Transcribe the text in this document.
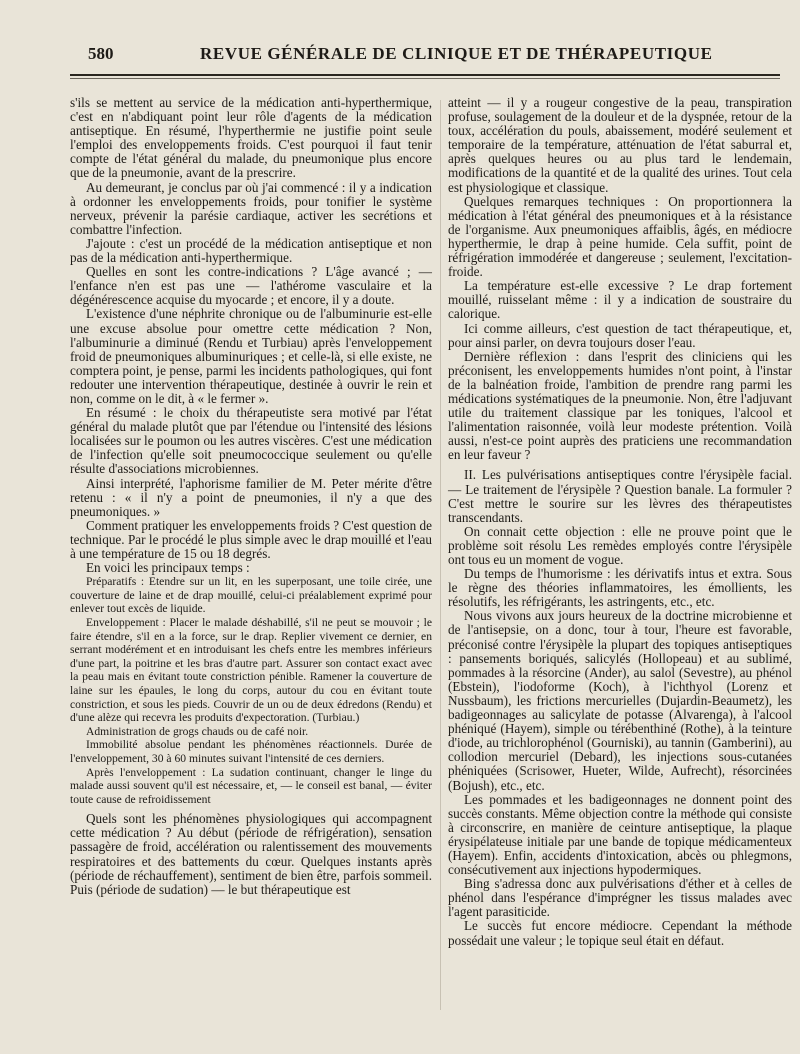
580	REVUE GÉNÉRALE DE CLINIQUE ET DE THÉRAPEUTIQUE

s'ils se mettent au service de la médication anti-hyperthermique, c'est en n'abdiquant point leur rôle d'agents de la médication antiseptique. En résumé, l'hyperthermie ne justifie point seule l'emploi des enveloppements froids. C'est pourquoi il faut tenir compte de l'état général du malade, du pneumonique plus encore que de la pneumonie, avant de la prescrire.

Au demeurant, je conclus par où j'ai commencé : il y a indication à ordonner les enveloppements froids, pour tonifier le système nerveux, prévenir la parésie cardiaque, activer les secrétions et combattre l'infection.

J'ajoute : c'est un procédé de la médication antiseptique et non pas de la médication anti-hyperthermique.

Quelles en sont les contre-indications ? L'âge avancé ; — l'enfance n'en est pas une — l'athérome vasculaire et la dégénérescence acquise du myocarde ; et encore, il y a doute.

L'existence d'une néphrite chronique ou de l'albuminurie est-elle une excuse absolue pour omettre cette médication ? Non, l'albuminurie a diminué (Rendu et Turbiau) après l'enveloppement froid de pneumoniques albuminuriques ; et celle-là, si elle existe, ne comptera point, je pense, parmi les incidents pathologiques, qui font redouter une intervention thérapeutique, destinée à ouvrir le rein et non, comme on le dit, à « le fermer ».

En résumé : le choix du thérapeutiste sera motivé par l'état général du malade plutôt que par l'étendue ou l'intensité des lésions localisées sur le poumon ou les autres viscères. C'est une médication de l'infection qu'elle soit pneumococcique seulement ou qu'elle résulte d'associations microbiennes.

Ainsi interprété, l'aphorisme familier de M. Peter mérite d'être retenu : « il n'y a point de pneumonies, il n'y a que des pneumoniques. »

Comment pratiquer les enveloppements froids ? C'est question de technique. Par le procédé le plus simple avec le drap mouillé et l'eau à une température de 15 ou 18 degrés.

En voici les principaux temps :

Préparatifs : Etendre sur un lit, en les superposant, une toile cirée, une couverture de laine et de drap mouillé, celui-ci préalablement exprimé pour enlever tout excès de liquide.

Enveloppement : Placer le malade déshabillé, s'il ne peut se mouvoir ; le faire étendre, s'il en a la force, sur le drap. Replier vivement ce dernier, en serrant modérément et en introduisant les chefs entre les membres inférieurs d'une part, la poitrine et les bras d'autre part. Assurer son contact exact avec la peau mais en évitant toute constriction pénible. Ramener la couverture de laine sur les épaules, le long du corps, autour du cou en évitant toute constriction, et sous les pieds. Couvrir de un ou de deux édredons (Rendu) et d'une alèze qui recevra les produits d'expectoration. (Turbiau.)

Administration de grogs chauds ou de café noir.

Immobilité absolue pendant les phénomènes réactionnels. Durée de l'enveloppement, 30 à 60 minutes suivant l'intensité de ces derniers.

Après l'enveloppement : La sudation continuant, changer le linge du malade aussi souvent qu'il est nécessaire, et, — le conseil est banal, — éviter toute cause de refroidissement

Quels sont les phénomènes physiologiques qui accompagnent cette médication ? Au début (période de réfrigération), sensation passagère de froid, accélération ou ralentissement des mouvements respiratoires et des battements du cœur. Quelques instants après (période de réchauffement), sentiment de bien être, parfois sommeil. Puis (période de sudation) — le but thérapeutique est

atteint — il y a rougeur congestive de la peau, transpiration profuse, soulagement de la douleur et de la dyspnée, retour de la toux, accélération du pouls, abaissement, modéré seulement et temporaire de la température, atténuation de l'état saburral et, après quelques heures ou au plus tard le lendemain, modifications de la quantité et de la qualité des urines. Tout cela est physiologique et classique.

Quelques remarques techniques : On proportionnera la médication à l'état général des pneumoniques et à la résistance de l'organisme. Aux pneumoniques affaiblis, âgés, en médiocre hyperthermie, le drap à peine humide. Cela suffit, point de réfrigération immodérée et dangereuse ; seulement, l'excitation-froide.

La température est-elle excessive ? Le drap fortement mouillé, ruisselant même : il y a indication de soustraire du calorique.

Ici comme ailleurs, c'est question de tact thérapeutique, et, pour ainsi parler, on devra toujours doser l'eau.

Dernière réflexion : dans l'esprit des cliniciens qui les préconisent, les enveloppements humides n'ont point, à l'instar de la balnéation froide, l'ambition de prendre rang parmi les médications systématiques de la pneumonie. Non, être l'adjuvant utile du traitement classique par les toniques, l'alcool et l'alimentation raisonnée, voilà leur modeste prétention. Voilà aussi, n'est-ce point auprès des praticiens une recommandation en leur faveur ?

II. Les pulvérisations antiseptiques contre l'érysipèle facial. — Le traitement de l'érysipèle ? Question banale. La formuler ? C'est mettre le sourire sur les lèvres des thérapeutistes transcendants.

On connait cette objection : elle ne prouve point que le problème soit résolu Les remèdes employés contre l'érysipèle ont tous eu un moment de vogue.

Du temps de l'humorisme : les dérivatifs intus et extra. Sous le règne des théories inflammatoires, les émollients, les résolutifs, les réfrigérants, les astringents, etc., etc.

Nous vivons aux jours heureux de la doctrine microbienne et de l'antisepsie, on a donc, tour à tour, l'heure est favorable, préconisé contre l'érysipèle la plupart des topiques antiseptiques : pansements boriqués, salicylés (Hollopeau) et au sublimé, pommades à la résorcine (Ander), au salol (Sevestre), au phénol (Ebstein), l'iodoforme (Koch), à l'ichthyol (Lorenz et Nussbaum), les frictions mercurielles (Dujardin-Beaumetz), les badigeonnages au salicylate de potasse (Alvarenga), à l'alcool phéniqué (Hayem), simple ou térébenthiné (Rothe), à la teinture d'iode, au trichlorophénol (Gourniski), au tannin (Gamberini), au collodion mercuriel (Debard), les injections sous-cutanées phéniquées (Scrisower, Hueter, Wilde, Aufrecht), résorcinées (Bojush), etc., etc.

Les pommades et les badigeonnages ne donnent point des succès constants. Même objection contre la méthode qui consiste à circonscrire, en manière de ceinture antiseptique, la plaque érysipélateuse initiale par une bande de topique médicamenteux (Hayem). Enfin, accidents d'intoxication, abcès ou phlegmons, consécutivement aux injections hypodermiques.

Bing s'adressa donc aux pulvérisations d'éther et à celles de phénol dans l'espérance d'imprégner les tissus malades avec l'agent parasiticide.

Le succès fut encore médiocre. Cependant la méthode possédait une valeur ; le topique seul était en défaut.
